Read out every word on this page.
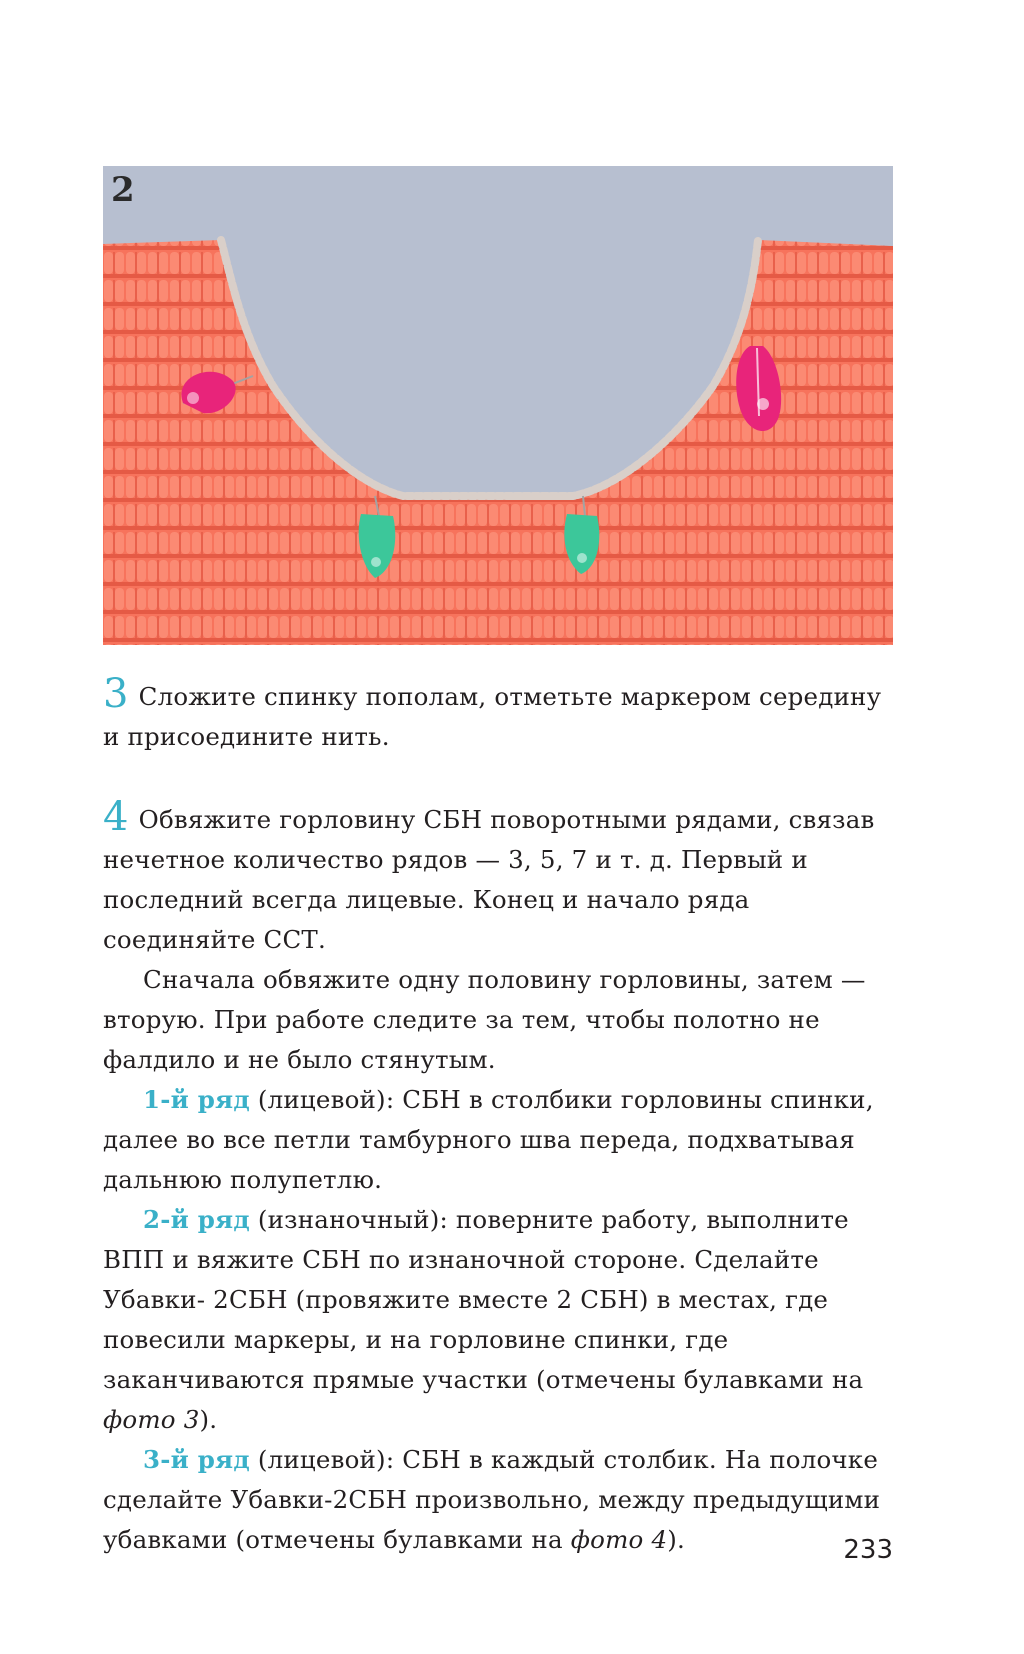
2

3 Сложите спинку пополам, отметьте маркером середину и присоедините нить.

4 Обвяжите горловину СБН поворотными рядами, связав нечетное количество рядов — 3, 5, 7 и т. д. Первый и последний всегда лицевые. Конец и начало ряда соединяйте ССТ.

Сначала обвяжите одну половину горловины, затем — вторую. При работе следите за тем, чтобы полотно не фалдило и не было стянутым.

1-й ряд (лицевой): СБН в столбики горловины спинки, далее во все петли тамбурного шва переда, подхватывая дальнюю полупетлю.

2-й ряд (изнаночный): поверните работу, выполните ВПП и вяжите СБН по изнаночной стороне. Сделайте Убавки- 2СБН (провяжите вместе 2 СБН) в местах, где повесили маркеры, и на горловине спинки, где заканчиваются прямые участки (отмечены булавками на фото 3).

3-й ряд (лицевой): СБН в каждый столбик. На полочке сделайте Убавки-2СБН произвольно, между предыдущими убавками (отмечены булавками на фото 4).	233
